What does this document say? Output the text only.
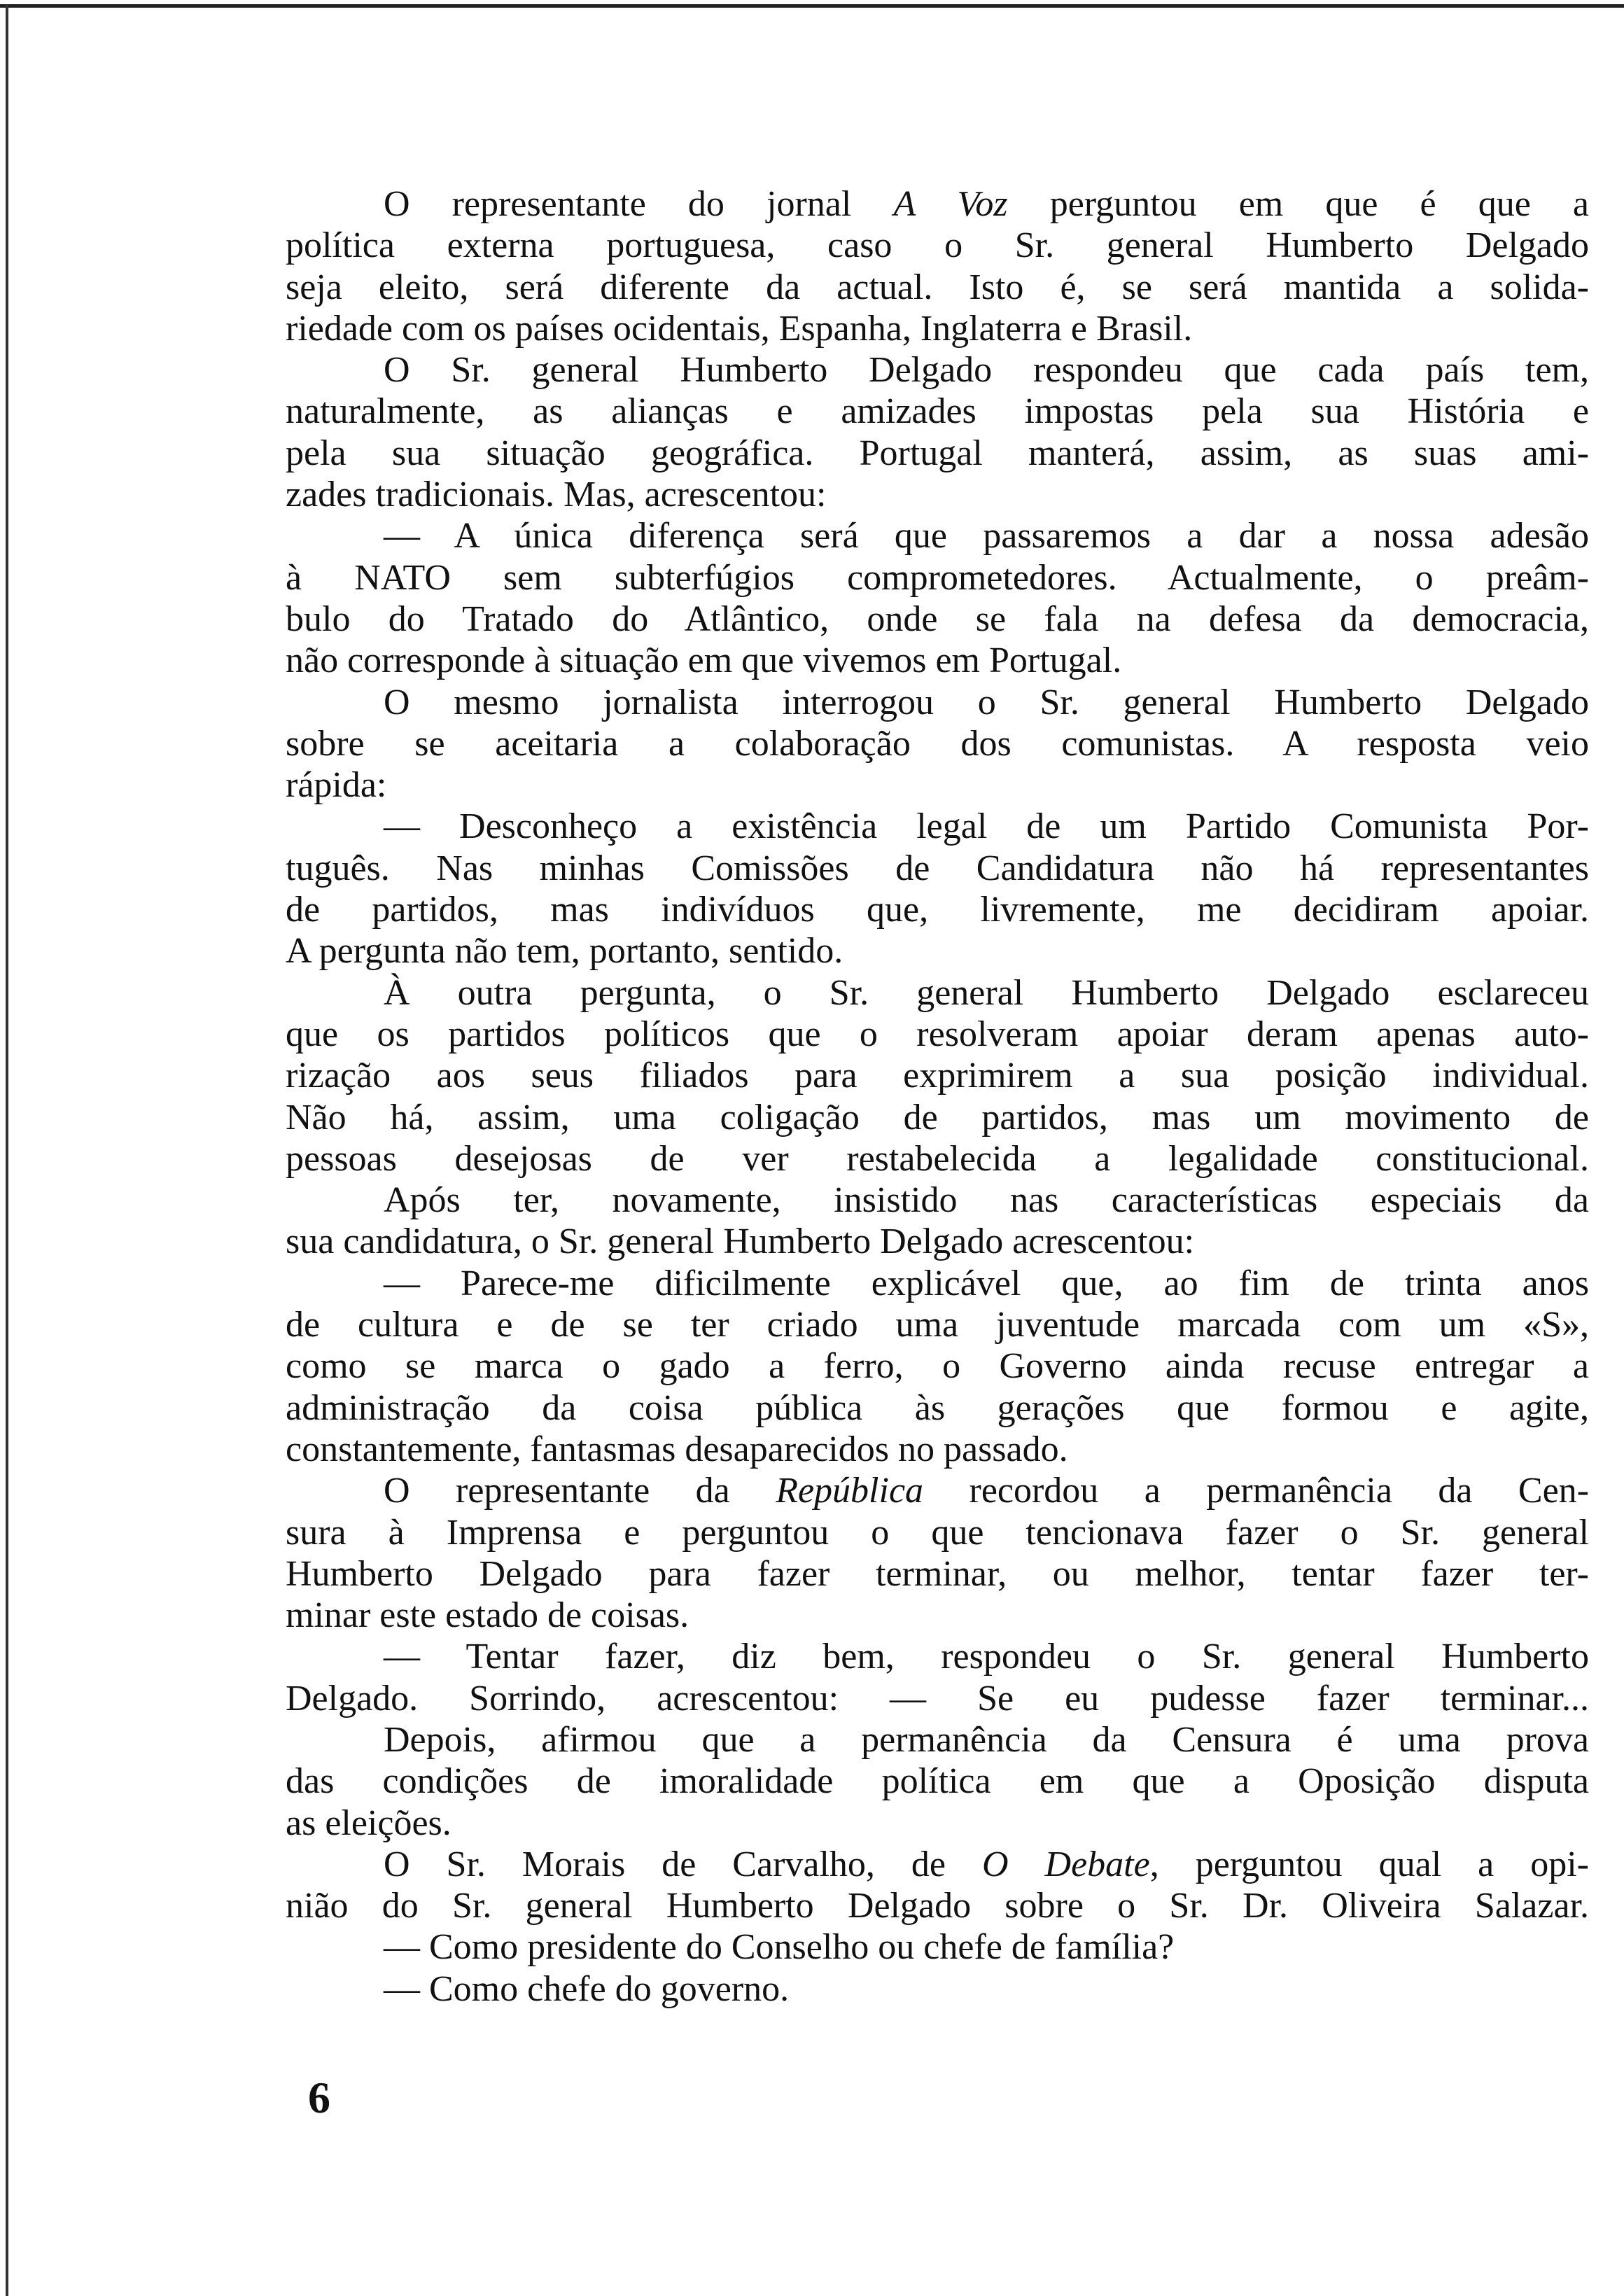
O representante do jornal A Voz perguntou em que é que a
política externa portuguesa, caso o Sr. general Humberto Delgado
seja eleito, será diferente da actual. Isto é, se será mantida a solida-
riedade com os países ocidentais, Espanha, Inglaterra e Brasil.
O Sr. general Humberto Delgado respondeu que cada país tem,
naturalmente, as alianças e amizades impostas pela sua História e
pela sua situação geográfica. Portugal manterá, assim, as suas ami-
zades tradicionais. Mas, acrescentou:
— A única diferença será que passaremos a dar a nossa adesão
à NATO sem subterfúgios comprometedores. Actualmente, o preâm-
bulo do Tratado do Atlântico, onde se fala na defesa da democracia,
não corresponde à situação em que vivemos em Portugal.
O mesmo jornalista interrogou o Sr. general Humberto Delgado
sobre se aceitaria a colaboração dos comunistas. A resposta veio
rápida:
— Desconheço a existência legal de um Partido Comunista Por-
tuguês. Nas minhas Comissões de Candidatura não há representantes
de partidos, mas indivíduos que, livremente, me decidiram apoiar.
A pergunta não tem, portanto, sentido.
À outra pergunta, o Sr. general Humberto Delgado esclareceu
que os partidos políticos que o resolveram apoiar deram apenas auto-
rização aos seus filiados para exprimirem a sua posição individual.
Não há, assim, uma coligação de partidos, mas um movimento de
pessoas desejosas de ver restabelecida a legalidade constitucional.
Após ter, novamente, insistido nas características especiais da
sua candidatura, o Sr. general Humberto Delgado acrescentou:
— Parece-me dificilmente explicável que, ao fim de trinta anos
de cultura e de se ter criado uma juventude marcada com um «S»,
como se marca o gado a ferro, o Governo ainda recuse entregar a
administração da coisa pública às gerações que formou e agite,
constantemente, fantasmas desaparecidos no passado.
O representante da República recordou a permanência da Cen-
sura à Imprensa e perguntou o que tencionava fazer o Sr. general
Humberto Delgado para fazer terminar, ou melhor, tentar fazer ter-
minar este estado de coisas.
— Tentar fazer, diz bem, respondeu o Sr. general Humberto
Delgado. Sorrindo, acrescentou: — Se eu pudesse fazer terminar...
Depois, afirmou que a permanência da Censura é uma prova
das condições de imoralidade política em que a Oposição disputa
as eleições.
O Sr. Morais de Carvalho, de O Debate, perguntou qual a opi-
nião do Sr. general Humberto Delgado sobre o Sr. Dr. Oliveira Salazar.
— Como presidente do Conselho ou chefe de família?
— Como chefe do governo.
6
